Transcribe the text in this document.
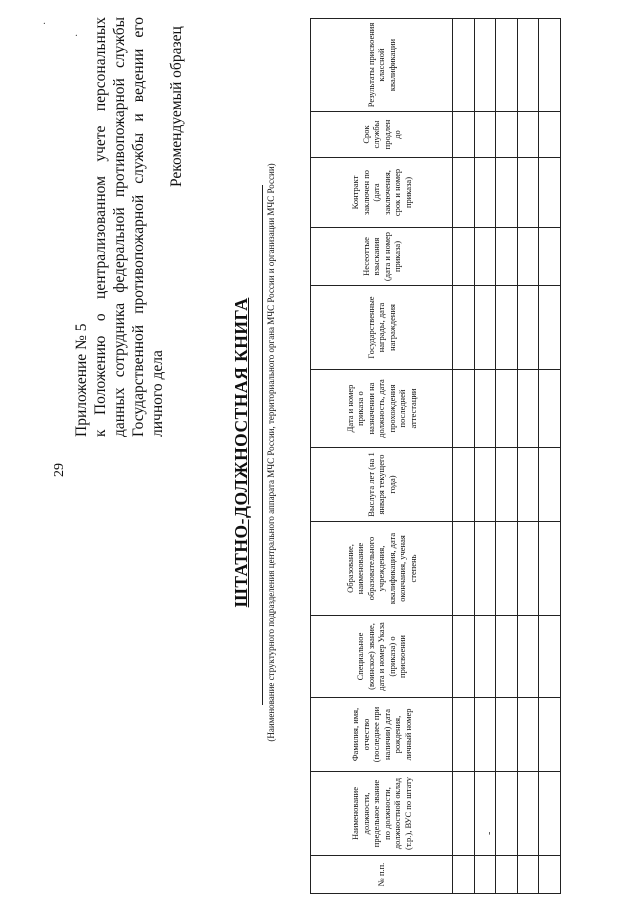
29
Приложение № 5 к Положению о централизованном учете персональных данных сотрудника федеральной противопожарной службы Государственной противопожарной службы и ведении его личного дела
Рекомендуемый образец
ШТАТНО-ДОЛЖНОСТНАЯ КНИГА (Наименование структурного подразделения центрального аппарата МЧС России, территориального органа МЧС России и организации МЧС России)
№ п.п.	Наименование должности, предельное звание по должности, должностной оклад (т.р.), ВУС по штату	Фамилия, имя, отчество (последнее при наличии) дата рождения, личный номер	Специальное (воинское) звание, дата и номер Указа (приказа) о присвоении	Образование, наименование образовательного учреждения, квалификация, дата окончания, ученая степень	Выслуга лет (на 1 января текущего года)	Дата и номер приказа о назначении на должность, дата прохождения последней аттестации	Государственные награды, дата награждения	Несеоттые взыскания (дата и номер приказа)	Контракт заключен по (дата заключения, срок и номер приказа)	Срок службы продлен до	Результаты присвоения классной квалификации

·
·
-
